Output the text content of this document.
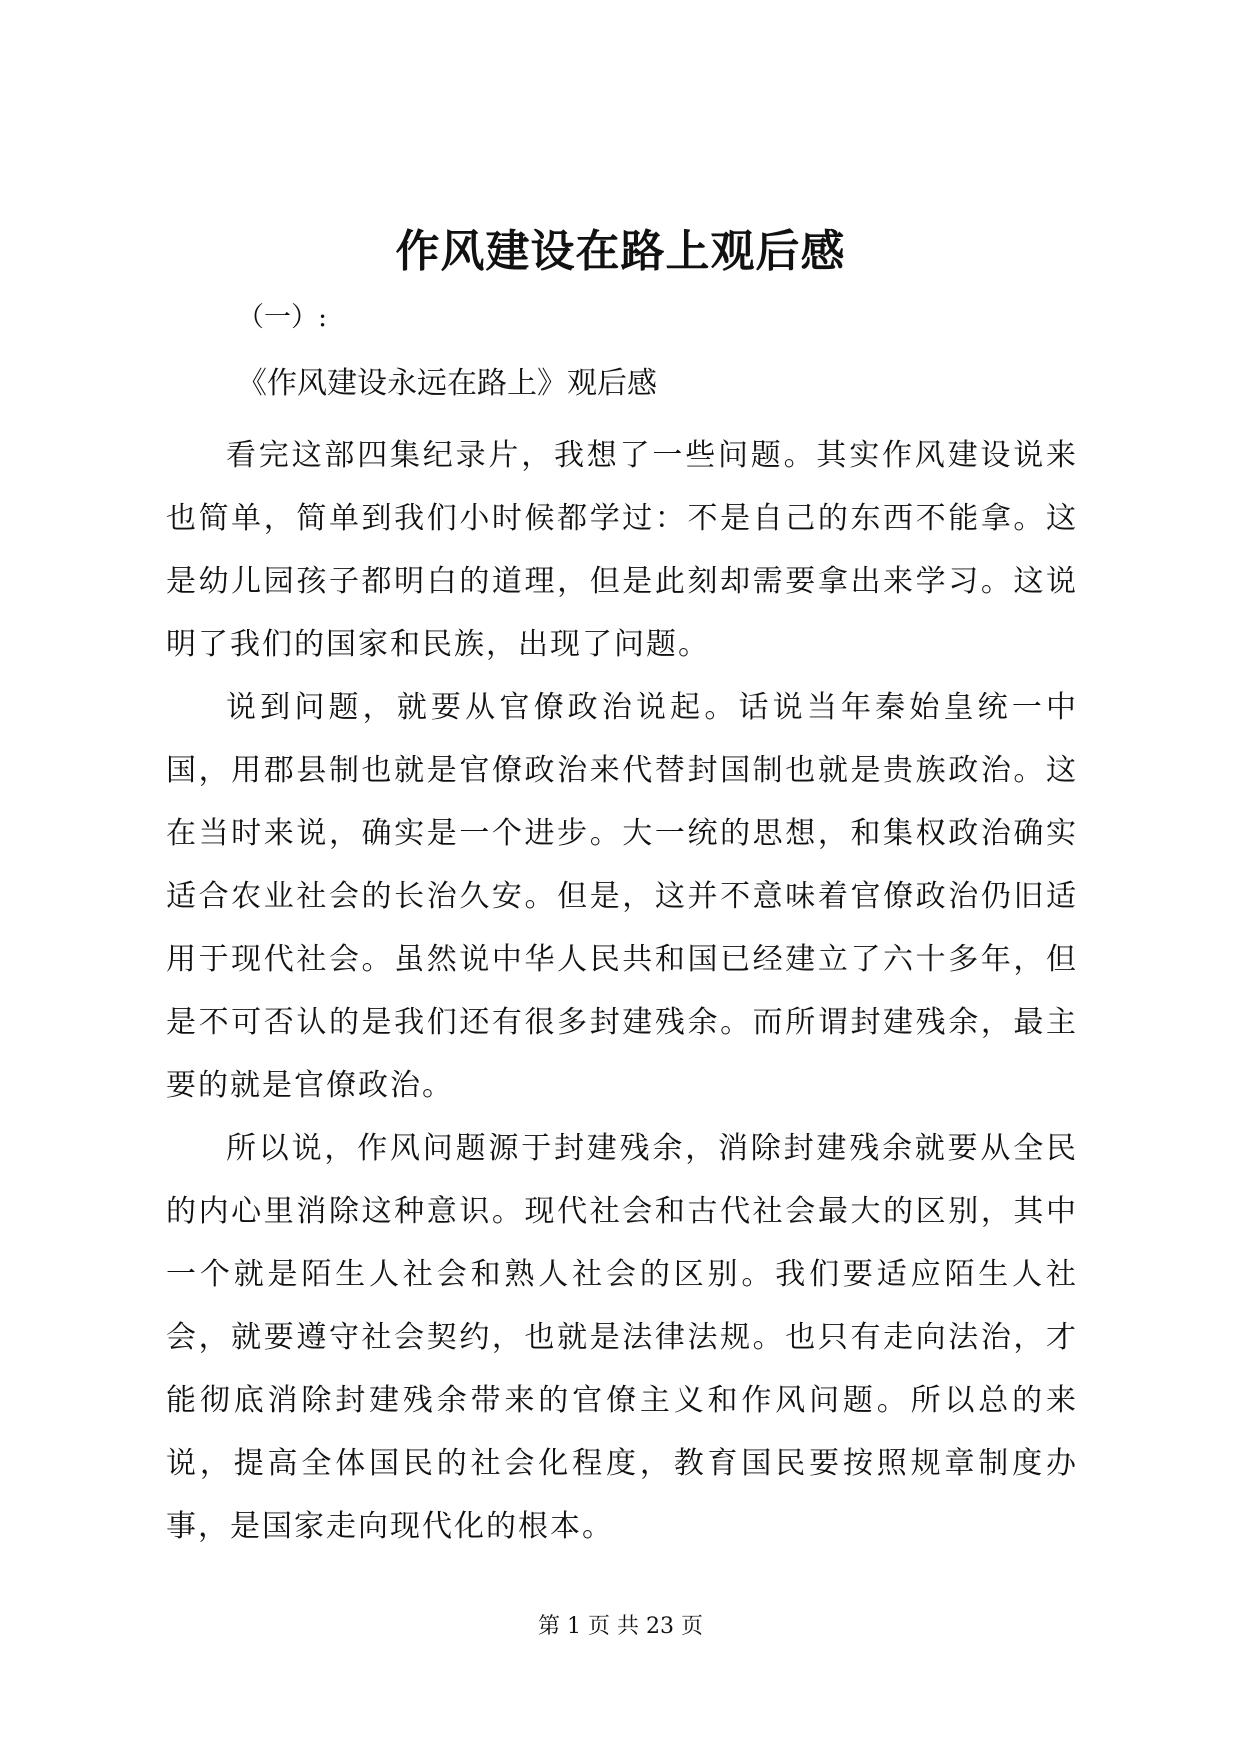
作风建设在路上观后感
（一）:
《作风建设永远在路上》观后感

看完这部四集纪录片，我想了一些问题。其实作风建设说来也简单，简单到我们小时候都学过：不是自己的东西不能拿。这是幼儿园孩子都明白的道理，但是此刻却需要拿出来学习。这说明了我们的国家和民族，出现了问题。

说到问题，就要从官僚政治说起。话说当年秦始皇统一中国，用郡县制也就是官僚政治来代替封国制也就是贵族政治。这在当时来说，确实是一个进步。大一统的思想，和集权政治确实适合农业社会的长治久安。但是，这并不意味着官僚政治仍旧适用于现代社会。虽然说中华人民共和国已经建立了六十多年，但是不可否认的是我们还有很多封建残余。而所谓封建残余，最主要的就是官僚政治。

所以说，作风问题源于封建残余，消除封建残余就要从全民的内心里消除这种意识。现代社会和古代社会最大的区别，其中一个就是陌生人社会和熟人社会的区别。我们要适应陌生人社会，就要遵守社会契约，也就是法律法规。也只有走向法治，才能彻底消除封建残余带来的官僚主义和作风问题。所以总的来说，提高全体国民的社会化程度，教育国民要按照规章制度办事，是国家走向现代化的根本。

第 1 页 共 23 页
